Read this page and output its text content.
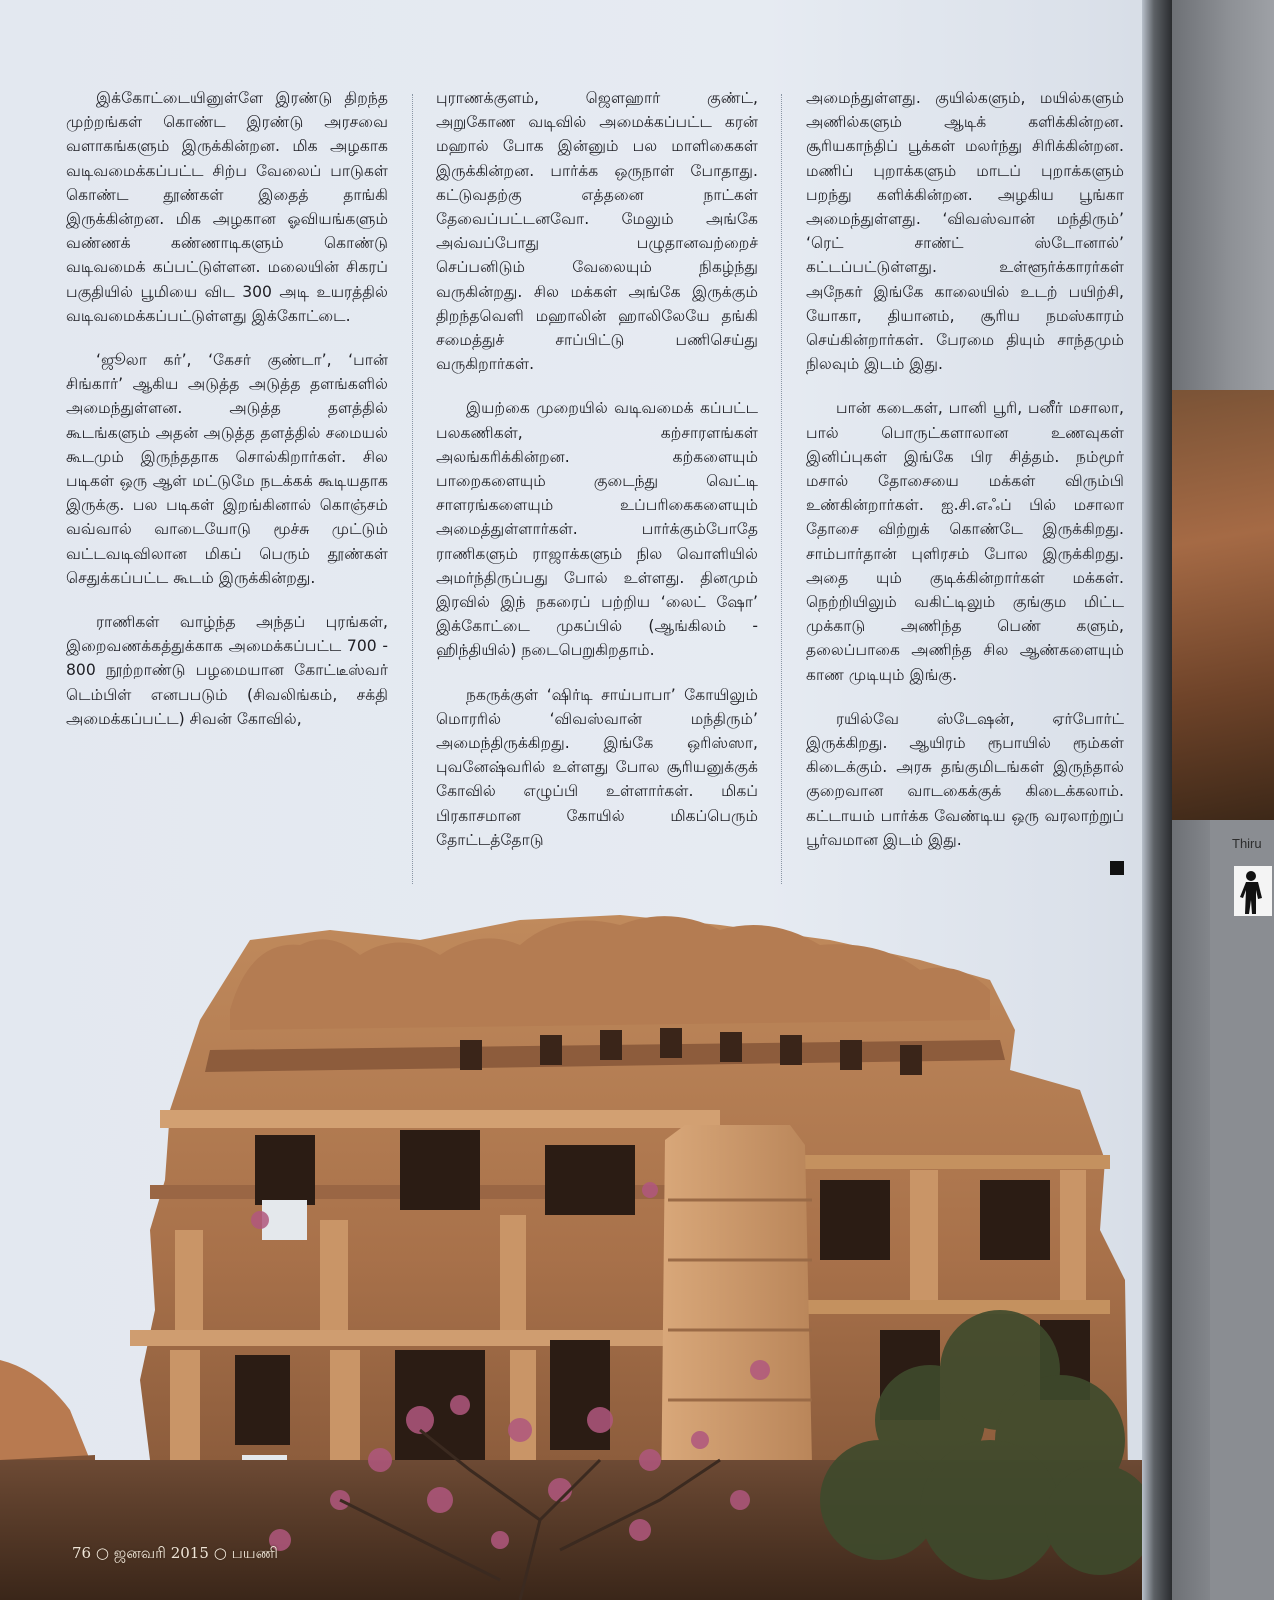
இக்கோட்டையினுள்ளே இரண்டு திறந்த முற்றங்கள் கொண்ட இரண்டு அரசவை வளாகங்களும் இருக்கின்றன. மிக அழகாக வடிவமைக்கப்பட்ட சிற்ப வேலைப் பாடுகள் கொண்ட தூண்கள் இதைத் தாங்கி இருக்கின்றன. மிக அழகான ஓவியங்களும் வண்ணக் கண்ணாடிகளும் கொண்டு வடிவமைக் கப்பட்டுள்ளன. மலையின் சிகரப் பகுதியில் பூமியை விட 300 அடி உயரத்தில் வடிவமைக்கப்பட்டுள்ளது இக்கோட்டை.

‘ஜூலா கர்’, ‘கேசர் குண்டா’, ‘பான் சிங்கார்’ ஆகிய அடுத்த அடுத்த தளங்களில் அமைந்துள்ளன. அடுத்த தளத்தில் கூடங்களும் அதன் அடுத்த தளத்தில் சமையல் கூடமும் இருந்ததாக சொல்கிறார்கள். சில படிகள் ஒரு ஆள் மட்டுமே நடக்கக் கூடியதாக இருக்கு. பல படிகள் இறங்கினால் கொஞ்சம் வவ்வால் வாடையோடு மூச்சு முட்டும் வட்டவடிவிலான மிகப் பெரும் தூண்கள் செதுக்கப்பட்ட கூடம் இருக்கின்றது.

ராணிகள் வாழ்ந்த அந்தப் புரங்கள், இறைவணக்கத்துக்காக அமைக்கப்பட்ட 700 - 800 நூற்றாண்டு பழமையான கோட்டீஸ்வர் டெம்பிள் எனபபடும் (சிவலிங்கம், சக்தி அமைக்கப்பட்ட) சிவன் கோவில்,

புராணக்குளம், ஜௌஹார் குண்ட், அறுகோண வடிவில் அமைக்கப்பட்ட கரன் மஹால் போக இன்னும் பல மாளிகைகள் இருக்கின்றன. பார்க்க ஒருநாள் போதாது. கட்டுவதற்கு எத்தனை நாட்கள் தேவைப்பட்டனவோ. மேலும் அங்கே அவ்வப்போது பழுதானவற்றைச் செப்பனிடும் வேலையும் நிகழ்ந்து வருகின்றது. சில மக்கள் அங்கே இருக்கும் திறந்தவெளி மஹாலின் ஹாலிலேயே தங்கி சமைத்துச் சாப்பிட்டு பணிசெய்து வருகிறார்கள்.

இயற்கை முறையில் வடிவமைக் கப்பட்ட பலகணிகள், கற்சாரளங்கள் அலங்கரிக்கின்றன. கற்களையும் பாறைகளையும் குடைந்து வெட்டி சாளரங்களையும் உப்பரிகைகளையும் அமைத்துள்ளார்கள். பார்க்கும்போதே ராணிகளும் ராஜாக்களும் நில வொளியில் அமர்ந்திருப்பது போல் உள்ளது. தினமும் இரவில் இந் நகரைப் பற்றிய ‘லைட் ஷோ’ இக்கோட்டை முகப்பில் (ஆங்கிலம் - ஹிந்தியில்) நடைபெறுகிறதாம்.

நகருக்குள் ‘ஷிர்டி சாய்பாபா’ கோயிலும் மொரரில் ‘விவஸ்வான் மந்திரும்’ அமைந்திருக்கிறது. இங்கே ஒரிஸ்ஸா, புவனேஷ்வரில் உள்ளது போல சூரியனுக்குக் கோவில் எழுப்பி உள்ளார்கள். மிகப் பிரகாசமான கோயில் மிகப்பெரும் தோட்டத்தோடு

அமைந்துள்ளது. குயில்களும், மயில்களும் அணில்களும் ஆடிக் களிக்கின்றன. சூரியகாந்திப் பூக்கள் மலர்ந்து சிரிக்கின்றன. மணிப் புறாக்களும் மாடப் புறாக்களும் பறந்து களிக்கின்றன. அழகிய பூங்கா அமைந்துள்ளது. ‘விவஸ்வான் மந்திரும்’ ‘ரெட் சாண்ட் ஸ்டோனால்’ கட்டப்பட்டுள்ளது. உள்ளூர்க்காரர்கள் அநேகர் இங்கே காலையில் உடற் பயிற்சி, யோகா, தியானம், சூரிய நமஸ்காரம் செய்கின்றார்கள். பேரமை தியும் சாந்தமும் நிலவும் இடம் இது.

பான் கடைகள், பானி பூரி, பனீர் மசாலா, பால் பொருட்களாலான உணவுகள் இனிப்புகள் இங்கே பிர சித்தம். நம்மூர் மசால் தோசையை மக்கள் விரும்பி உண்கின்றார்கள். ஐ.சி.எஃப் பில் மசாலா தோசை விற்றுக் கொண்டே இருக்கிறது. சாம்பார்தான் புளிரசம் போல இருக்கிறது. அதை யும் குடிக்கின்றார்கள் மக்கள். நெற்றியிலும் வகிட்டிலும் குங்கும மிட்ட முக்காடு அணிந்த பெண் களும், தலைப்பாகை அணிந்த சில ஆண்களையும் காண முடியும் இங்கு.

ரயில்வே ஸ்டேஷன், ஏர்போர்ட் இருக்கிறது. ஆயிரம் ரூபாயில் ரூம்கள் கிடைக்கும். அரசு தங்குமிடங்கள் இருந்தால் குறைவான வாடகைக்குக் கிடைக்கலாம். கட்டாயம் பார்க்க வேண்டிய ஒரு வரலாற்றுப் பூர்வமான இடம் இது.

76 ○ ஜனவரி 2015 ○ பயணி
Thiru
